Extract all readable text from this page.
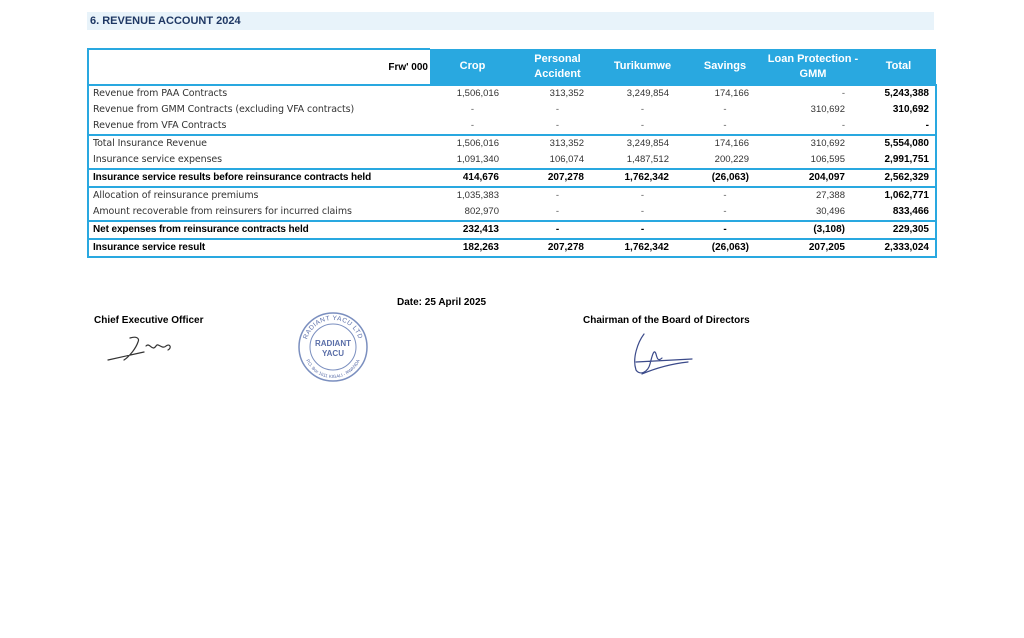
6. REVENUE ACCOUNT 2024
Frw' 000	Crop	Personal Accident	Turikumwe	Savings	Loan Protection - GMM	Total
Revenue from PAA Contracts	1,506,016	313,352	3,249,854	174,166	-	5,243,388
Revenue from GMM Contracts (excluding VFA contracts)	-	-	-	-	310,692	310,692
Revenue from VFA Contracts	-	-	-	-	-	-
Total Insurance Revenue	1,506,016	313,352	3,249,854	174,166	310,692	5,554,080
Insurance service expenses	1,091,340	106,074	1,487,512	200,229	106,595	2,991,751
Insurance service results before reinsurance contracts held	414,676	207,278	1,762,342	(26,063)	204,097	2,562,329
Allocation of reinsurance premiums	1,035,383	-	-	-	27,388	1,062,771
Amount recoverable from reinsurers for incurred claims	802,970	-	-	-	30,496	833,466
Net expenses from reinsurance contracts held	232,413	-	-	-	(3,108)	229,305
Insurance service result	182,263	207,278	1,762,342	(26,063)	207,205	2,333,024
Date: 25 April 2025
Chief Executive Officer	Chairman of the Board of Directors
RADIANT YACU LTD
P.O. Box 1611 KIGALI - RWANDA
RADIANT
YACU
